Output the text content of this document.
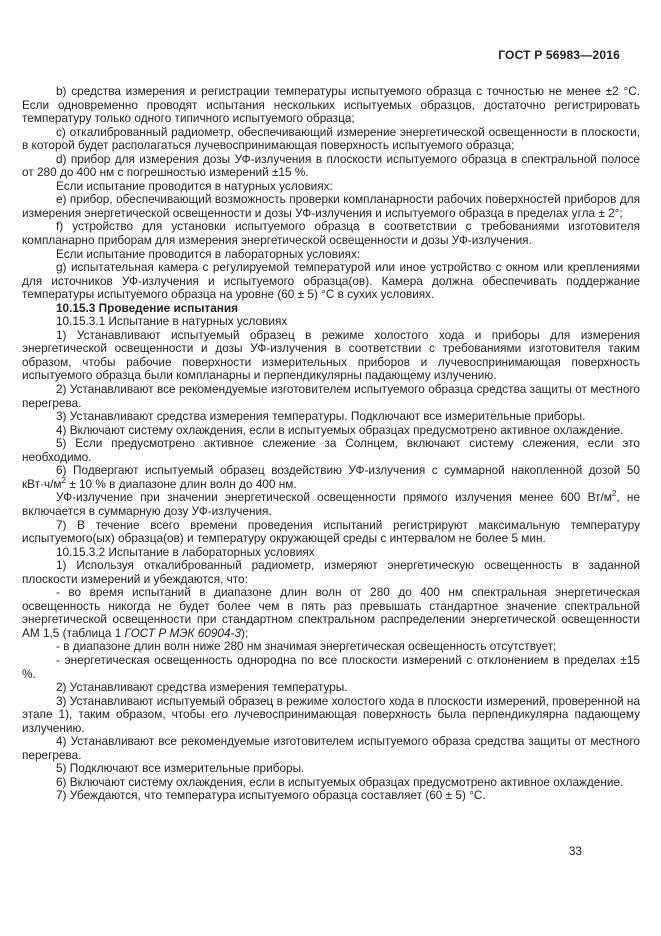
ГОСТ Р 56983—2016

b) средства измерения и регистрации температуры испытуемого образца с точностью не менее ±2 °C. Если одновременно проводят испытания нескольких испытуемых образцов, достаточно регистрировать температуру только одного типичного испытуемого образца;

c) откалиброванный радиометр, обеспечивающий измерение энергетической освещенности в плоскости, в которой будет располагаться лучевоспринимающая поверхность испытуемого образца;

d) прибор для измерения дозы УФ-излучения в плоскости испытуемого образца в спектральной полосе от 280 до 400 нм с погрешностью измерений ±15 %.

Если испытание проводится в натурных условиях:

e) прибор, обеспечивающий возможность проверки компланарности рабочих поверхностей приборов для измерения энергетической освещенности и дозы УФ-излучения и испытуемого образца в пределах угла ± 2°;

f) устройство для установки испытуемого образца в соответствии с требованиями изготовителя компланарно приборам для измерения энергетической освещенности и дозы УФ-излучения.

Если испытание проводится в лабораторных условиях:

g) испытательная камера с регулируемой температурой или иное устройство с окном или креплениями для источников УФ-излучения и испытуемого образца(ов). Камера должна обеспечивать поддержание температуры испытуемого образца на уровне (60 ± 5) °C в сухих условиях.

10.15.3 Проведение испытания

10.15.3.1 Испытание в натурных условиях

1) Устанавливают испытуемый образец в режиме холостого хода и приборы для измерения энергетической освещенности и дозы УФ-излучения в соответствии с требованиями изготовителя таким образом, чтобы рабочие поверхности измерительных приборов и лучевоспринимающая поверхность испытуемого образца были компланарны и перпендикулярны падающему излучению.

2) Устанавливают все рекомендуемые изготовителем испытуемого образца средства защиты от местного перегрева.

3) Устанавливают средства измерения температуры. Подключают все измерительные приборы.

4) Включают систему охлаждения, если в испытуемых образцах предусмотрено активное охлаждение.

5) Если предусмотрено активное слежение за Солнцем, включают систему слежения, если это необходимо.

6) Подвергают испытуемый образец воздействию УФ-излучения с суммарной накопленной дозой 50 $кВт\cdot ч/м^2 \pm 10$ % в диапазоне длин волн до 400 нм.

УФ-излучение при значении энергетической освещенности прямого излучения менее 600 $Вт/м^2$, не включается в суммарную дозу УФ-излучения.

7) В течение всего времени проведения испытаний регистрируют максимальную температуру испытуемого(ых) образца(ов) и температуру окружающей среды с интервалом не более 5 мин.

10.15.3.2 Испытание в лабораторных условиях

1) Используя откалиброванный радиометр, измеряют энергетическую освещенность в заданной плоскости измерений и убеждаются, что:

- во время испытаний в диапазоне длин волн от 280 до 400 нм спектральная энергетическая освещенность никогда не будет более чем в пять раз превышать стандартное значение спектральной энергетической освещенности при стандартном спектральном распределении энергетической освещенности АМ 1,5 (таблица 1 ГОСТ Р МЭК 60904-3);

- в диапазоне длин волн ниже 280 нм значимая энергетическая освещенность отсутствует;

- энергетическая освещенность однородна по все плоскости измерений с отклонением в пределах ±15 %.

2) Устанавливают средства измерения температуры.

3) Устанавливают испытуемый образец в режиме холостого хода в плоскости измерений, проверенной на этапе 1), таким образом, чтобы его лучевоспринимающая поверхность была перпендикулярна падающему излучению.

4) Устанавливают все рекомендуемые изготовителем испытуемого образа средства защиты от местного перегрева.

5) Подключают все измерительные приборы.

6) Включают систему охлаждения, если в испытуемых образцах предусмотрено активное охлаждение.

7) Убеждаются, что температура испытуемого образца составляет (60 ± 5) °C.

33
